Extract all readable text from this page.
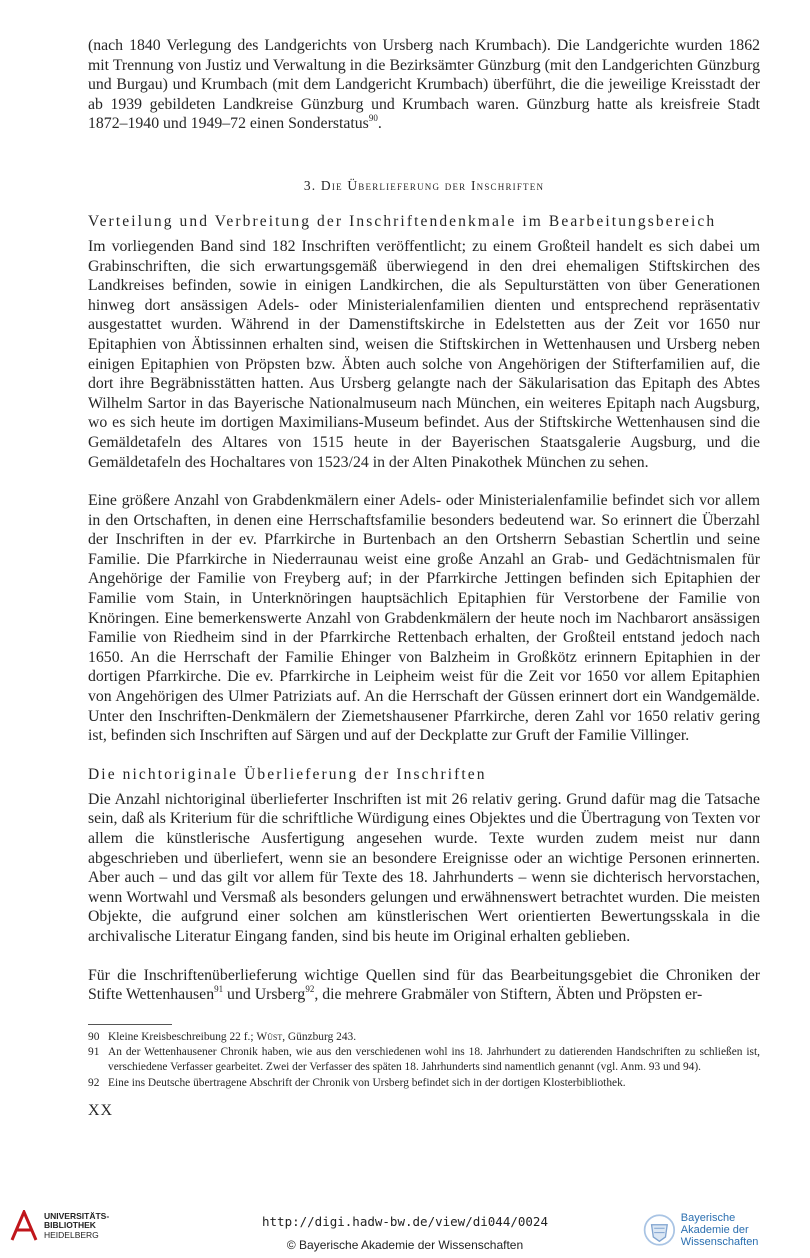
(nach 1840 Verlegung des Landgerichts von Ursberg nach Krumbach). Die Landgerichte wurden 1862 mit Trennung von Justiz und Verwaltung in die Bezirksämter Günzburg (mit den Landgerichten Günzburg und Burgau) und Krumbach (mit dem Landgericht Krumbach) überführt, die die jeweilige Kreisstadt der ab 1939 gebildeten Landkreise Günzburg und Krumbach waren. Günzburg hatte als kreisfreie Stadt 1872–1940 und 1949–72 einen Sonderstatus$^{90}$.

3. Die Überlieferung der Inschriften
Verteilung und Verbreitung der Inschriftendenkmale im Bearbeitungsbereich

Im vorliegenden Band sind 182 Inschriften veröffentlicht; zu einem Großteil handelt es sich dabei um Grabinschriften, die sich erwartungsgemäß überwiegend in den drei ehemaligen Stiftskirchen des Landkreises befinden, sowie in einigen Landkirchen, die als Sepulturstätten von über Generationen hinweg dort ansässigen Adels- oder Ministerialenfamilien dienten und entsprechend repräsentativ ausgestattet wurden. Während in der Damenstiftskirche in Edelstetten aus der Zeit vor 1650 nur Epitaphien von Äbtissinnen erhalten sind, weisen die Stiftskirchen in Wettenhausen und Ursberg neben einigen Epitaphien von Pröpsten bzw. Äbten auch solche von Angehörigen der Stifterfamilien auf, die dort ihre Begräbnisstätten hatten. Aus Ursberg gelangte nach der Säkularisation das Epitaph des Abtes Wilhelm Sartor in das Bayerische Nationalmuseum nach München, ein weiteres Epitaph nach Augsburg, wo es sich heute im dortigen Maximilians-Museum befindet. Aus der Stiftskirche Wettenhausen sind die Gemäldetafeln des Altares von 1515 heute in der Bayerischen Staatsgalerie Augsburg, und die Gemäldetafeln des Hochaltares von 1523/24 in der Alten Pinakothek München zu sehen.

Eine größere Anzahl von Grabdenkmälern einer Adels- oder Ministerialenfamilie befindet sich vor allem in den Ortschaften, in denen eine Herrschaftsfamilie besonders bedeutend war. So erinnert die Überzahl der Inschriften in der ev. Pfarrkirche in Burtenbach an den Ortsherrn Sebastian Schertlin und seine Familie. Die Pfarrkirche in Niederraunau weist eine große Anzahl an Grab- und Gedächtnismalen für Angehörige der Familie von Freyberg auf; in der Pfarrkirche Jettingen befinden sich Epitaphien der Familie vom Stain, in Unterknöringen hauptsächlich Epitaphien für Verstorbene der Familie von Knöringen. Eine bemerkenswerte Anzahl von Grabdenkmälern der heute noch im Nachbarort ansässigen Familie von Riedheim sind in der Pfarrkirche Rettenbach erhalten, der Großteil entstand jedoch nach 1650. An die Herrschaft der Familie Ehinger von Balzheim in Großkötz erinnern Epitaphien in der dortigen Pfarrkirche. Die ev. Pfarrkirche in Leipheim weist für die Zeit vor 1650 vor allem Epitaphien von Angehörigen des Ulmer Patriziats auf. An die Herrschaft der Güssen erinnert dort ein Wandgemälde. Unter den Inschriften-Denkmälern der Ziemetshausener Pfarrkirche, deren Zahl vor 1650 relativ gering ist, befinden sich Inschriften auf Särgen und auf der Deckplatte zur Gruft der Familie Villinger.

Die nichtoriginale Überlieferung der Inschriften

Die Anzahl nichtoriginal überlieferter Inschriften ist mit 26 relativ gering. Grund dafür mag die Tatsache sein, daß als Kriterium für die schriftliche Würdigung eines Objektes und die Übertragung von Texten vor allem die künstlerische Ausfertigung angesehen wurde. Texte wurden zudem meist nur dann abgeschrieben und überliefert, wenn sie an besondere Ereignisse oder an wichtige Personen erinnerten. Aber auch – und das gilt vor allem für Texte des 18. Jahrhunderts – wenn sie dichterisch hervorstachen, wenn Wortwahl und Versmaß als besonders gelungen und erwähnenswert betrachtet wurden. Die meisten Objekte, die aufgrund einer solchen am künstlerischen Wert orientierten Bewertungsskala in die archivalische Literatur Eingang fanden, sind bis heute im Original erhalten geblieben.

Für die Inschriftenüberlieferung wichtige Quellen sind für das Bearbeitungsgebiet die Chroniken der Stifte Wettenhausen$^{91}$ und Ursberg$^{92}$, die mehrere Grabmäler von Stiftern, Äbten und Pröpsten er-

90 Kleine Kreisbeschreibung 22 f.; Wüst, Günzburg 243.
91 An der Wettenhausener Chronik haben, wie aus den verschiedenen wohl ins 18. Jahrhundert zu datierenden Handschriften zu schließen ist, verschiedene Verfasser gearbeitet. Zwei der Verfasser des späten 18. Jahrhunderts sind namentlich genannt (vgl. Anm. 93 und 94).
92 Eine ins Deutsche übertragene Abschrift der Chronik von Ursberg befindet sich in der dortigen Klosterbibliothek.
XX
UNIVERSITÄTS-
BIBLIOTHEK
HEIDELBERG
http://digi.hadw-bw.de/view/di044/0024
© Bayerische Akademie der Wissenschaften
Bayerische
Akademie der Wissenschaften
